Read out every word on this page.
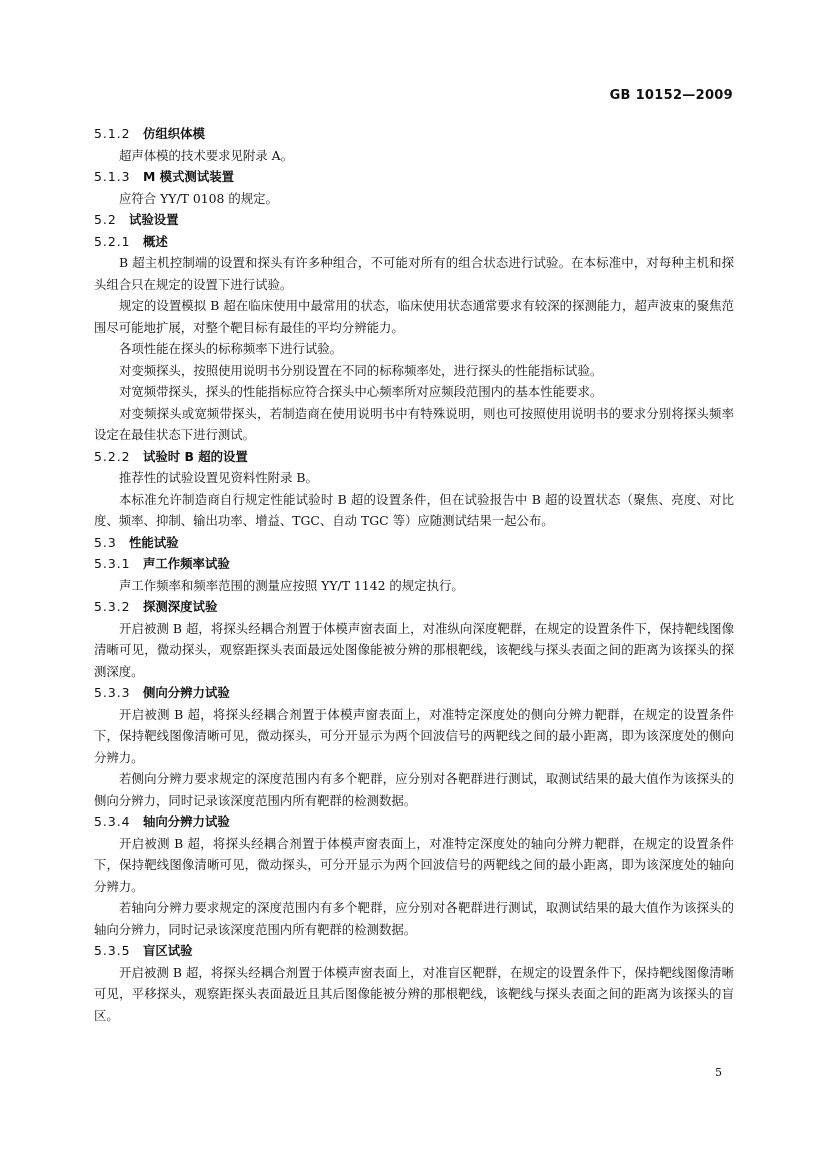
GB 10152—2009
5.1.2 仿组织体模

超声体模的技术要求见附录 A。

5.1.3 M 模式测试装置

应符合 YY/T 0108 的规定。

5.2 试验设置
5.2.1 概述

B 超主机控制端的设置和探头有许多种组合，不可能对所有的组合状态进行试验。在本标准中，对每种主机和探头组合只在规定的设置下进行试验。

规定的设置模拟 B 超在临床使用中最常用的状态，临床使用状态通常要求有较深的探测能力，超声波束的聚焦范围尽可能地扩展，对整个靶目标有最佳的平均分辨能力。

各项性能在探头的标称频率下进行试验。

对变频探头，按照使用说明书分别设置在不同的标称频率处，进行探头的性能指标试验。

对宽频带探头，探头的性能指标应符合探头中心频率所对应频段范围内的基本性能要求。

对变频探头或宽频带探头，若制造商在使用说明书中有特殊说明，则也可按照使用说明书的要求分别将探头频率设定在最佳状态下进行测试。

5.2.2 试验时 B 超的设置

推荐性的试验设置见资料性附录 B。

本标准允许制造商自行规定性能试验时 B 超的设置条件，但在试验报告中 B 超的设置状态（聚焦、亮度、对比度、频率、抑制、输出功率、增益、TGC、自动 TGC 等）应随测试结果一起公布。

5.3 性能试验
5.3.1 声工作频率试验

声工作频率和频率范围的测量应按照 YY/T 1142 的规定执行。

5.3.2 探测深度试验

开启被测 B 超，将探头经耦合剂置于体模声窗表面上，对准纵向深度靶群，在规定的设置条件下，保持靶线图像清晰可见，微动探头，观察距探头表面最远处图像能被分辨的那根靶线，该靶线与探头表面之间的距离为该探头的探测深度。

5.3.3 侧向分辨力试验

开启被测 B 超，将探头经耦合剂置于体模声窗表面上，对准特定深度处的侧向分辨力靶群，在规定的设置条件下，保持靶线图像清晰可见，微动探头，可分开显示为两个回波信号的两靶线之间的最小距离，即为该深度处的侧向分辨力。

若侧向分辨力要求规定的深度范围内有多个靶群，应分别对各靶群进行测试，取测试结果的最大值作为该探头的侧向分辨力，同时记录该深度范围内所有靶群的检测数据。

5.3.4 轴向分辨力试验

开启被测 B 超，将探头经耦合剂置于体模声窗表面上，对准特定深度处的轴向分辨力靶群，在规定的设置条件下，保持靶线图像清晰可见，微动探头，可分开显示为两个回波信号的两靶线之间的最小距离，即为该深度处的轴向分辨力。

若轴向分辨力要求规定的深度范围内有多个靶群，应分别对各靶群进行测试，取测试结果的最大值作为该探头的轴向分辨力，同时记录该深度范围内所有靶群的检测数据。

5.3.5 盲区试验

开启被测 B 超，将探头经耦合剂置于体模声窗表面上，对准盲区靶群，在规定的设置条件下，保持靶线图像清晰可见，平移探头，观察距探头表面最近且其后图像能被分辨的那根靶线，该靶线与探头表面之间的距离为该探头的盲区。

5
